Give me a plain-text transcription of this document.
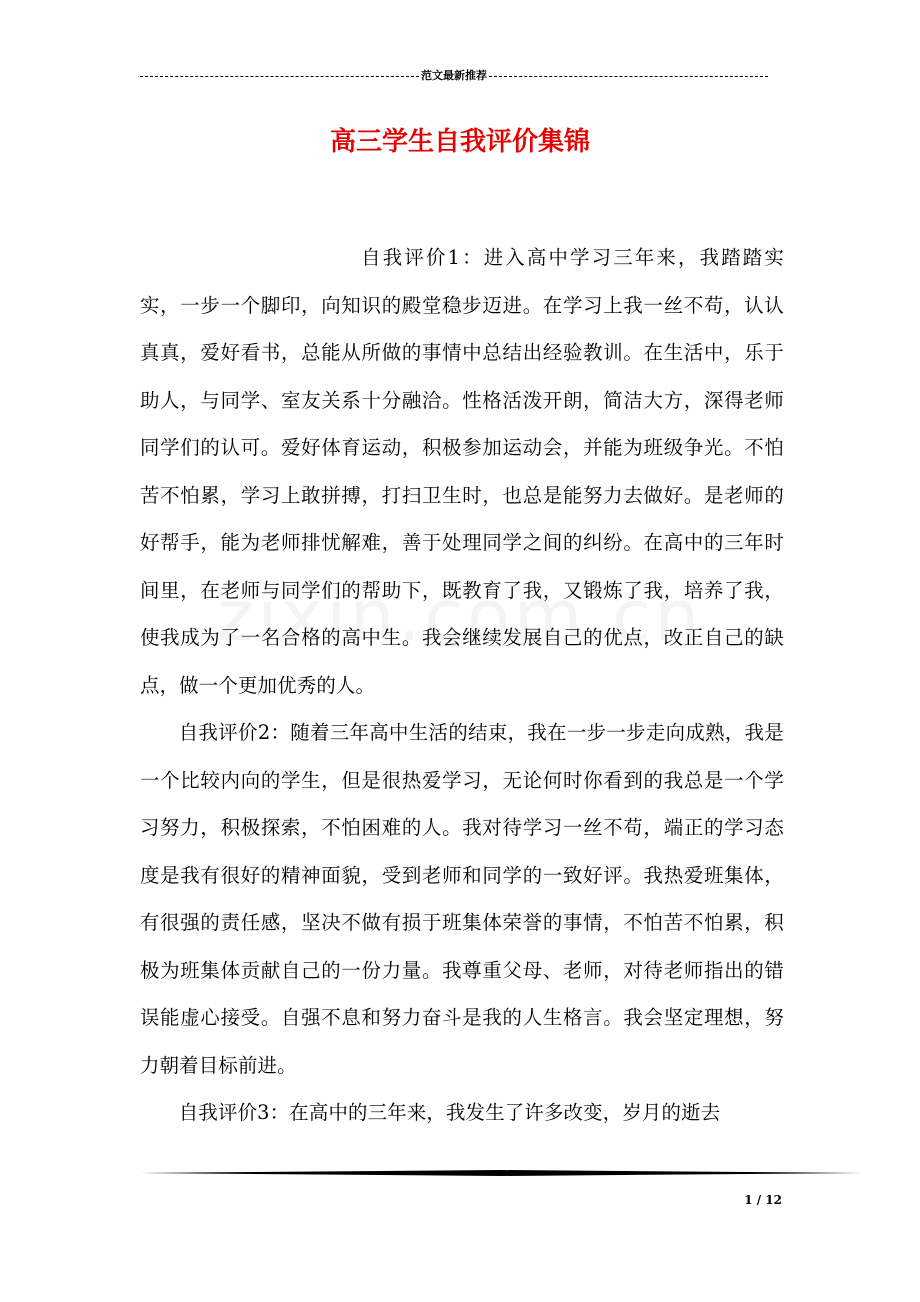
范文最新推荐
高三学生自我评价集锦

自我评价1：进入高中学习三年来，我踏踏实实，一步一个脚印，向知识的殿堂稳步迈进。在学习上我一丝不苟，认认真真，爱好看书，总能从所做的事情中总结出经验教训。在生活中，乐于助人，与同学、室友关系十分融洽。性格活泼开朗，简洁大方，深得老师同学们的认可。爱好体育运动，积极参加运动会，并能为班级争光。不怕苦不怕累，学习上敢拼搏，打扫卫生时，也总是能努力去做好。是老师的好帮手，能为老师排忧解难，善于处理同学之间的纠纷。在高中的三年时间里，在老师与同学们的帮助下，既教育了我，又锻炼了我，培养了我，使我成为了一名合格的高中生。我会继续发展自己的优点，改正自己的缺点，做一个更加优秀的人。

自我评价2：随着三年高中生活的结束，我在一步一步走向成熟，我是一个比较内向的学生，但是很热爱学习，无论何时你看到的我总是一个学习努力，积极探索，不怕困难的人。我对待学习一丝不苟，端正的学习态度是我有很好的精神面貌，受到老师和同学的一致好评。我热爱班集体，有很强的责任感，坚决不做有损于班集体荣誉的事情，不怕苦不怕累，积极为班集体贡献自己的一份力量。我尊重父母、老师，对待老师指出的错误能虚心接受。自强不息和努力奋斗是我的人生格言。我会坚定理想，努力朝着目标前进。

自我评价3：在高中的三年来，我发生了许多改变，岁月的逝去

1 / 12
